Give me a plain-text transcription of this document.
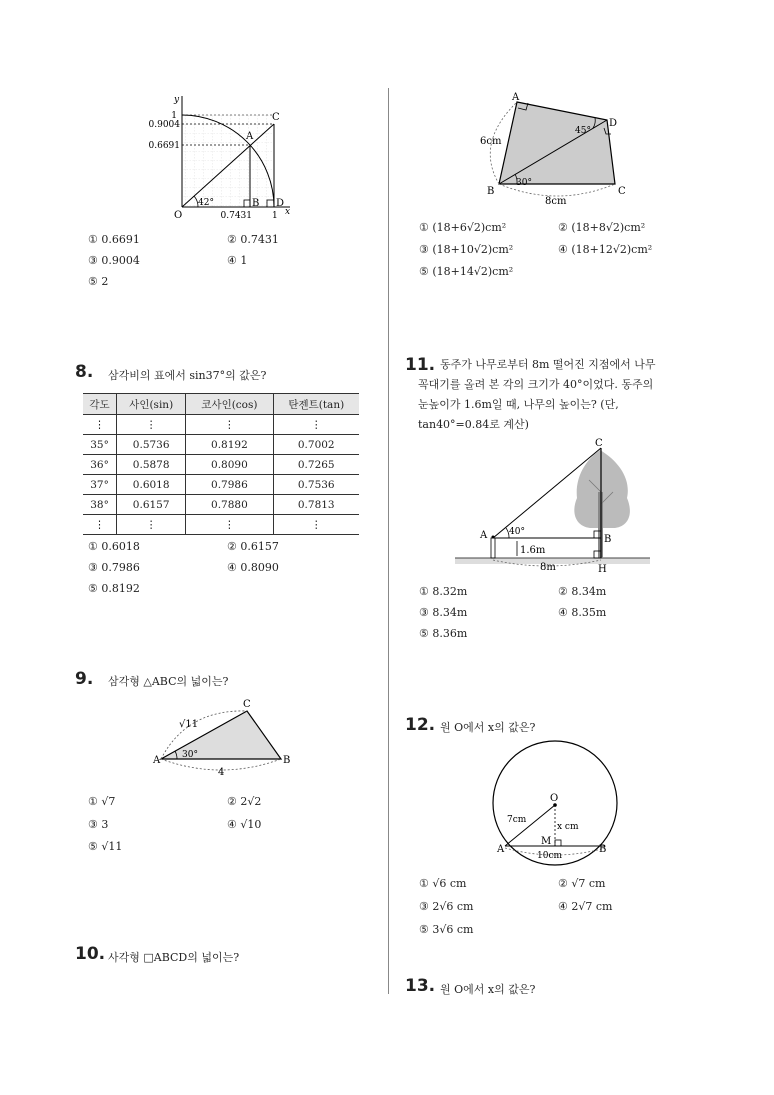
y
x
O
1
0.9004
0.6691
0.7431 1
42°
A
B
C
D
① 0.6691	② 0.7431
③ 0.9004	④ 1
⑤ 2
8. 삼각비의 표에서 sin37°의 값은?
각도	사인(sin)	코사인(cos)	탄젠트(tan)
⋮	⋮	⋮	⋮
35°	0.5736	0.8192	0.7002
36°	0.5878	0.8090	0.7265
37°	0.6018	0.7986	0.7536
38°	0.6157	0.7880	0.7813
⋮	⋮	⋮	⋮
① 0.6018	② 0.6157
③ 0.7986	④ 0.8090
⑤ 0.8192
9. 삼각형 △ABC의 넓이는?
A	B
C
√11
30°
4
① √7	② 2√2
③ 3	④ √10
⑤ √11
10. 사각형 □ABCD의 넓이는?
A
B	C
D
6cm
8cm
30°
45°
① (18+6√2)cm²	② (18+8√2)cm²
③ (18+10√2)cm²	④ (18+12√2)cm²
⑤ (18+14√2)cm²
11. 동주가 나무로부터 8m 떨어진 지점에서 나무
꼭대기를 올려 본 각의 크기가 40°이었다. 동주의
눈높이가 1.6m일 때, 나무의 높이는? (단,
tan40°=0.84로 계산)
A	B
C
H
40°
1.6m
8m
① 8.32m	② 8.34m
③ 8.34m	④ 8.35m
⑤ 8.36m
12. 원 O에서 x의 값은?
O
A	B
M
7cm
x cm
10cm
① √6 cm	② √7 cm
③ 2√6 cm	④ 2√7 cm
⑤ 3√6 cm
13. 원 O에서 x의 값은?
